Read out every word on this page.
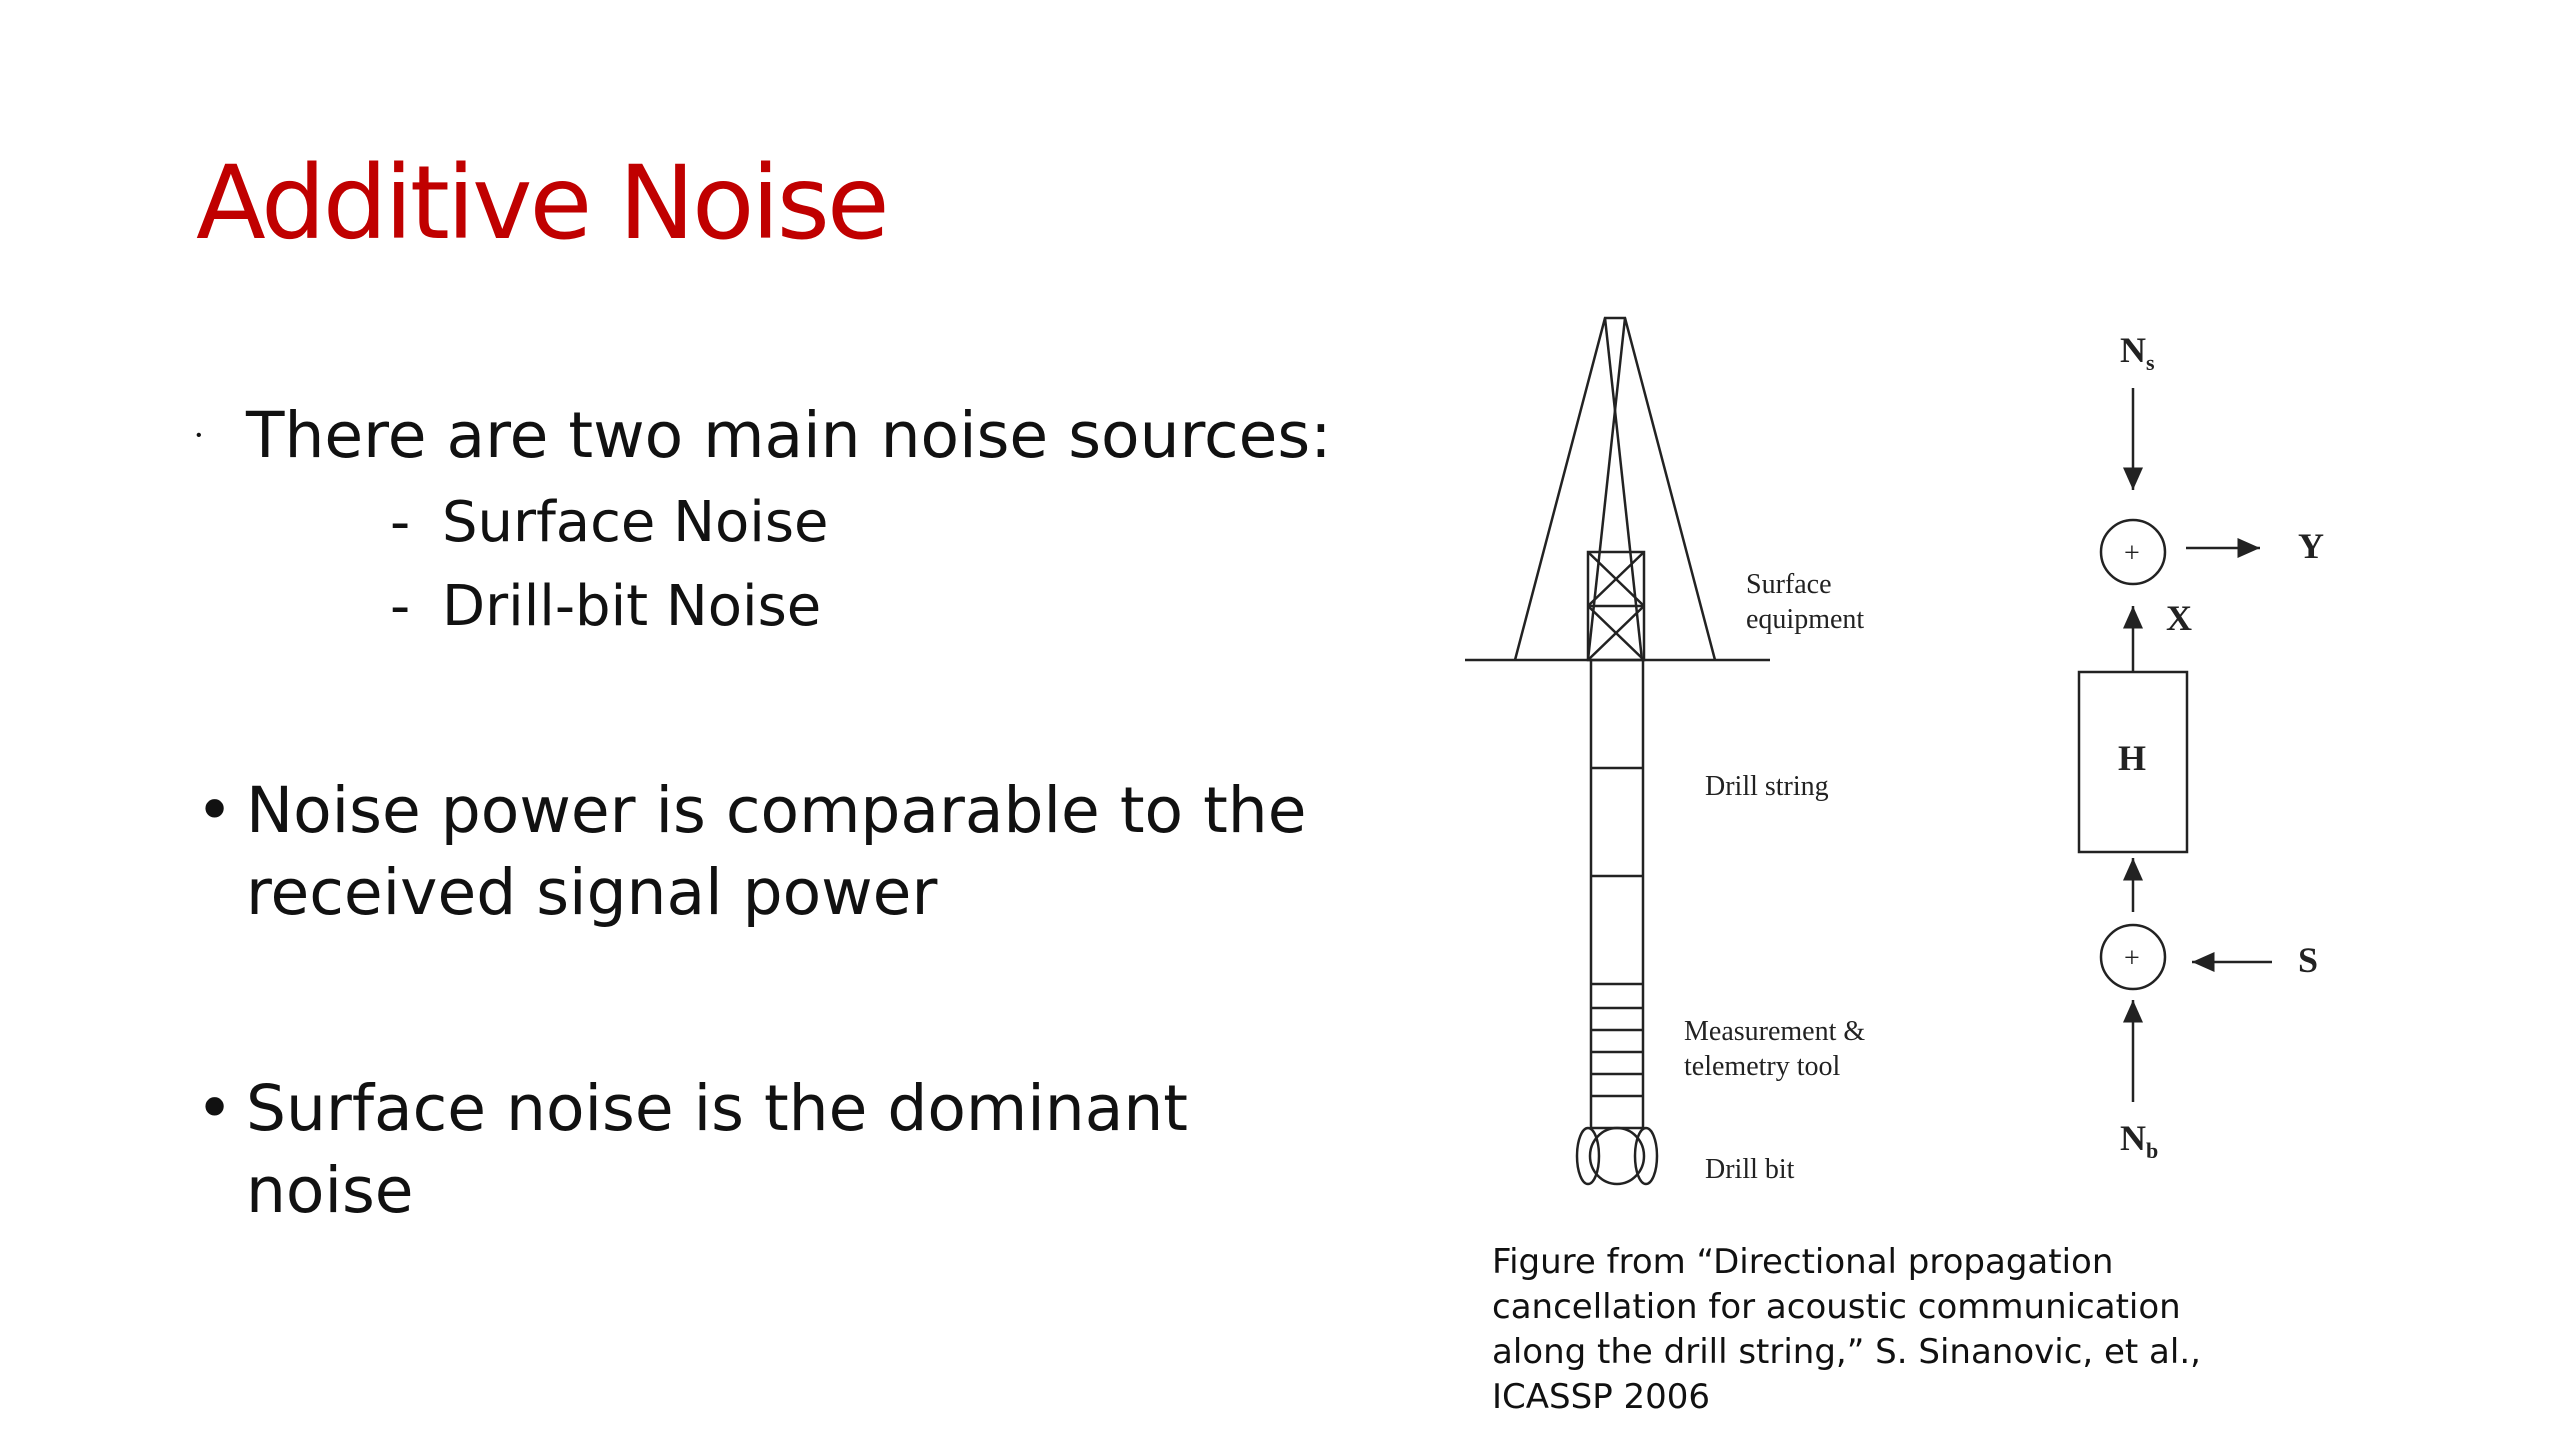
Additive Noise
• There are two main noise sources:
- Surface Noise
- Drill-bit Noise
• Noise power is comparable to the received signal power
• Surface noise is the dominant noise
Surface
equipment
Drill string
Measurement &
telemetry tool
Drill bit
$N_s$
Y
X
H
S
$N_b$
+
+
Figure from “Directional propagation cancellation for acoustic communication along the drill string,” S. Sinanovic, et al., ICASSP 2006
